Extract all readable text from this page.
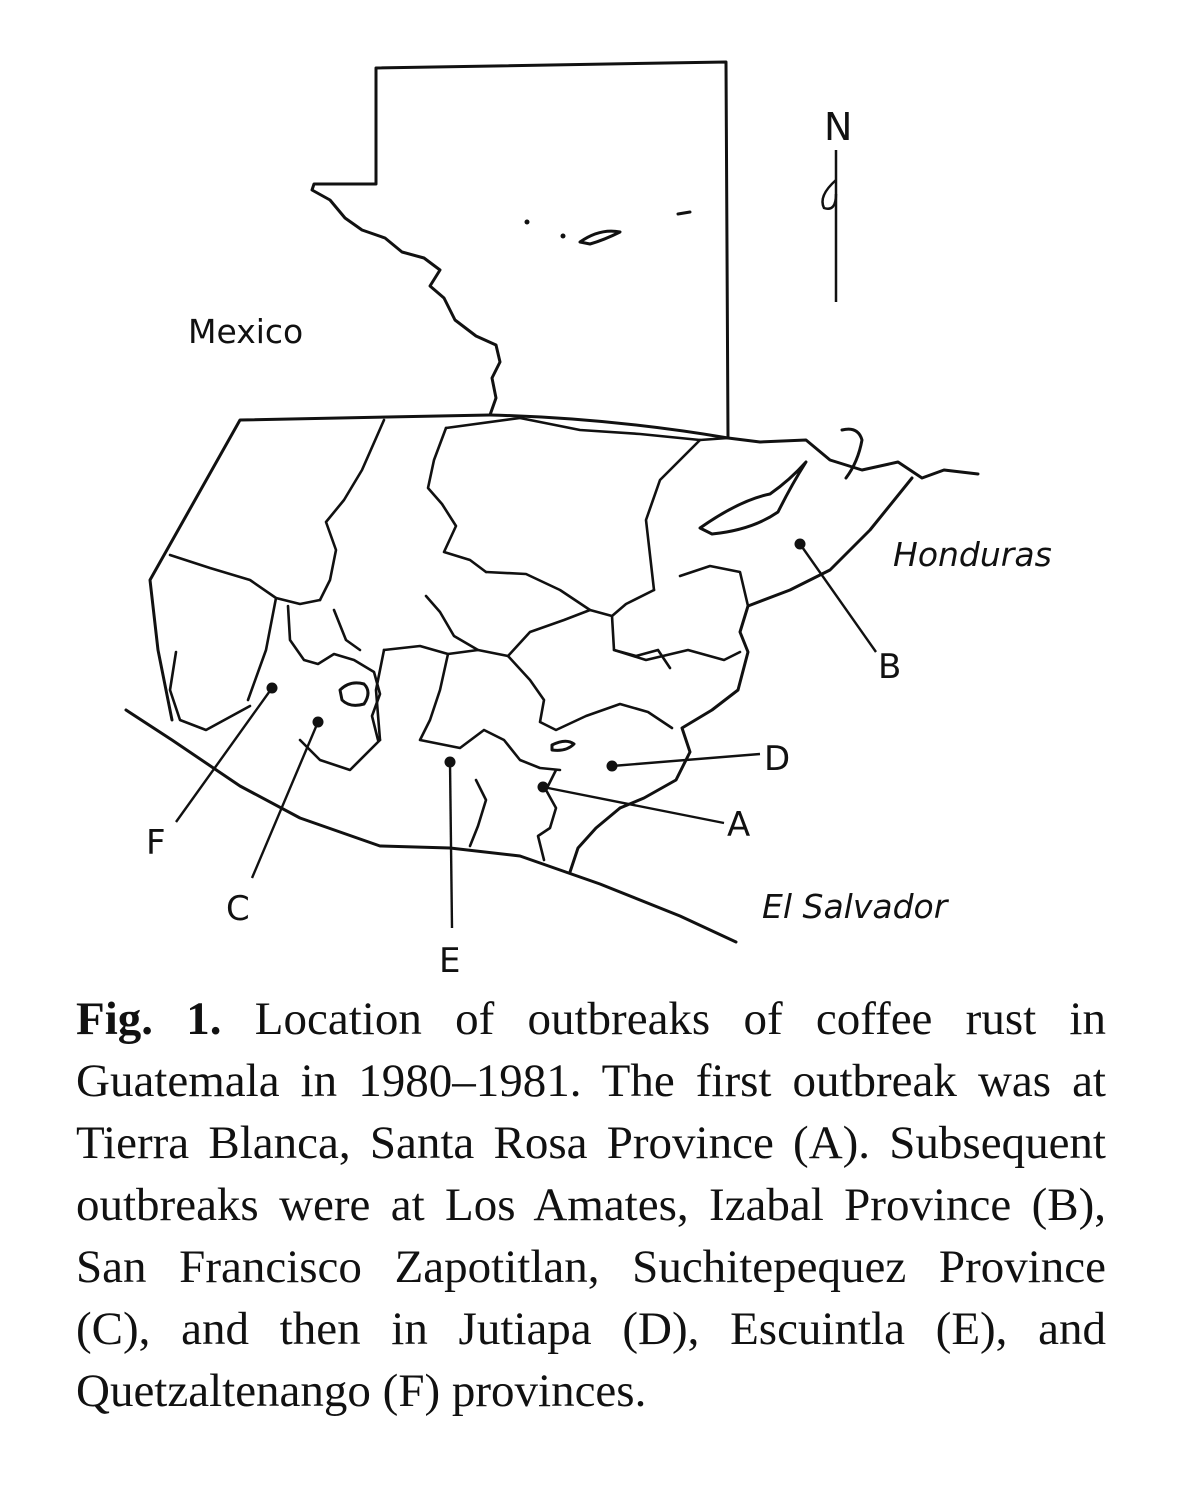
N
Mexico
Honduras
El Salvador
A
B
C
D
E
F

Fig. 1. Location of outbreaks of coffee rust in Guatemala in 1980–1981. The first outbreak was at Tierra Blanca, Santa Rosa Province (A). Subsequent outbreaks were at Los Amates, Izabal Province (B), San Francisco Zapotitlan, Suchitepequez Province (C), and then in Jutiapa (D), Escuintla (E), and Quetzaltenango (F) provinces.
